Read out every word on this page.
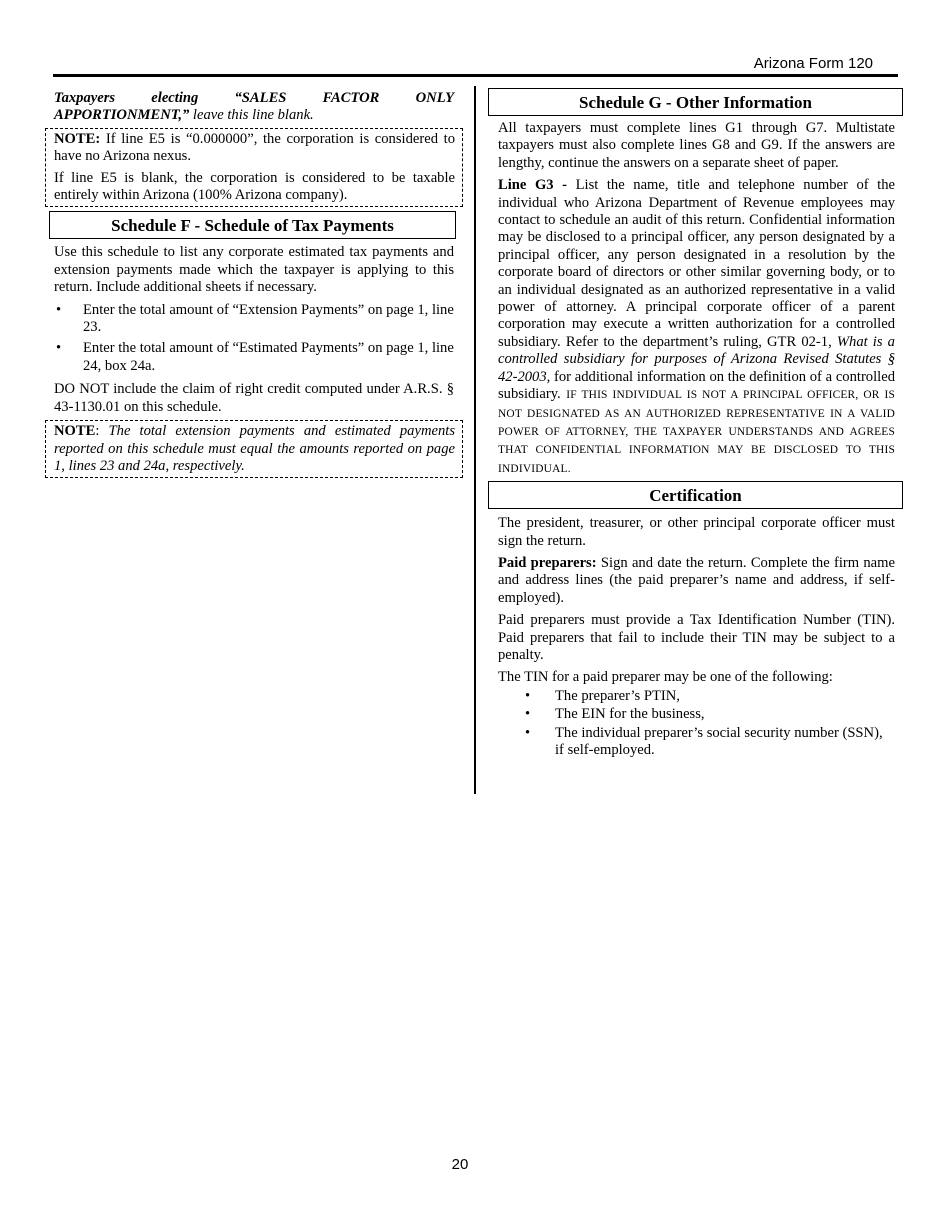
Arizona Form 120

Taxpayers electing “SALES FACTOR ONLY APPORTIONMENT,” leave this line blank.

NOTE: If line E5 is “0.000000”, the corporation is considered to have no Arizona nexus.

If line E5 is blank, the corporation is considered to be taxable entirely within Arizona (100% Arizona company).

Schedule F - Schedule of Tax Payments

Use this schedule to list any corporate estimated tax payments and extension payments made which the taxpayer is applying to this return. Include additional sheets if necessary.

• Enter the total amount of “Extension Payments” on page 1, line 23.
• Enter the total amount of “Estimated Payments” on page 1, line 24, box 24a.

DO NOT include the claim of right credit computed under A.R.S. § 43-1130.01 on this schedule.

NOTE: The total extension payments and estimated payments reported on this schedule must equal the amounts reported on page 1, lines 23 and 24a, respectively.

Schedule G - Other Information

All taxpayers must complete lines G1 through G7. Multistate taxpayers must also complete lines G8 and G9. If the answers are lengthy, continue the answers on a separate sheet of paper.

Line G3 - List the name, title and telephone number of the individual who Arizona Department of Revenue employees may contact to schedule an audit of this return. Confidential information may be disclosed to a principal officer, any person designated by a principal officer, any person designated in a resolution by the corporate board of directors or other similar governing body, or to an individual designated as an authorized representative in a valid power of attorney. A principal corporate officer of a parent corporation may execute a written authorization for a controlled subsidiary. Refer to the department’s ruling, GTR 02-1, What is a controlled subsidiary for purposes of Arizona Revised Statutes § 42-2003, for additional information on the definition of a controlled subsidiary. IF THIS INDIVIDUAL IS NOT A PRINCIPAL OFFICER, OR IS NOT DESIGNATED AS AN AUTHORIZED REPRESENTATIVE IN A VALID POWER OF ATTORNEY, THE TAXPAYER UNDERSTANDS AND AGREES THAT CONFIDENTIAL INFORMATION MAY BE DISCLOSED TO THIS INDIVIDUAL.

Certification

The president, treasurer, or other principal corporate officer must sign the return.

Paid preparers: Sign and date the return. Complete the firm name and address lines (the paid preparer’s name and address, if self-employed).

Paid preparers must provide a Tax Identification Number (TIN). Paid preparers that fail to include their TIN may be subject to a penalty.

The TIN for a paid preparer may be one of the following:

• The preparer’s PTIN,
• The EIN for the business,
• The individual preparer’s social security number (SSN), if self-employed.
20
